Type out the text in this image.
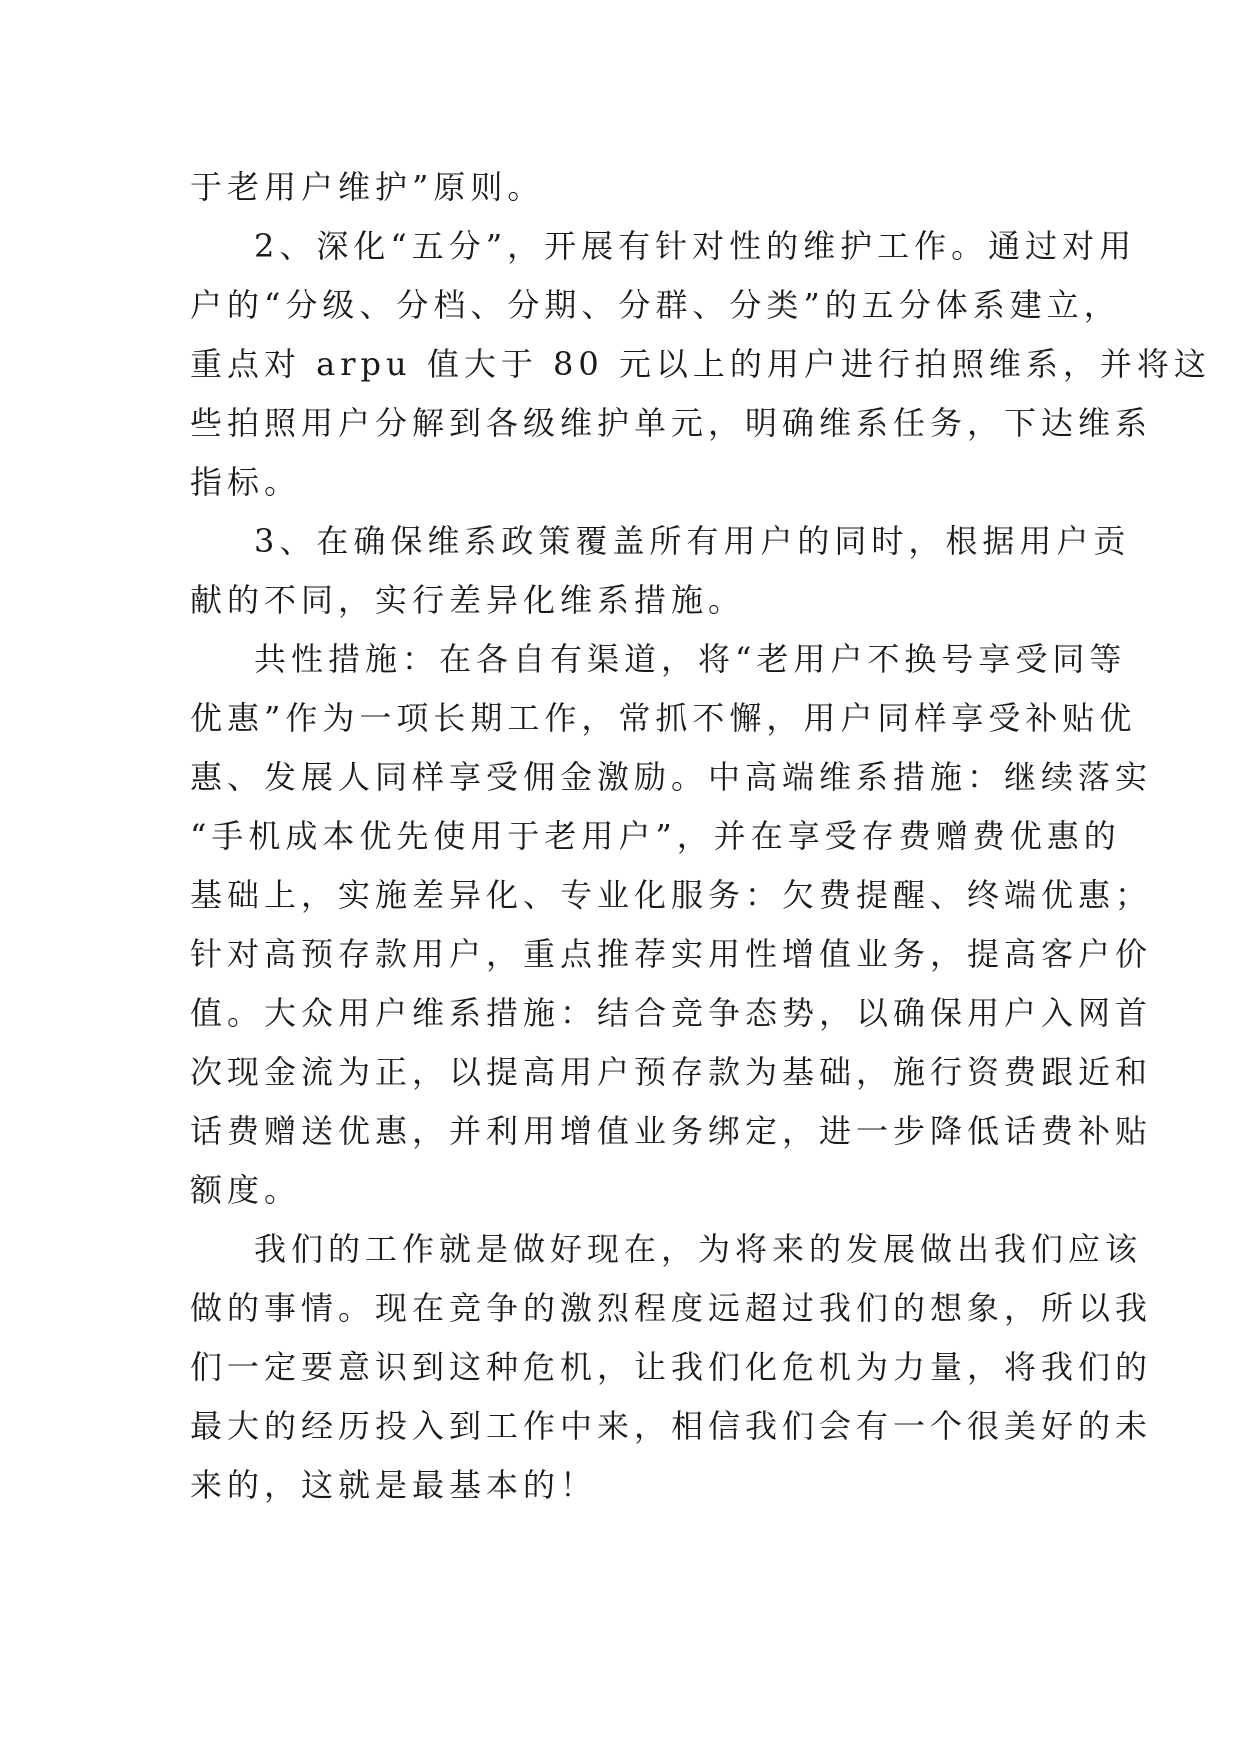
于老用户维护”原则。
2、深化“五分”，开展有针对性的维护工作。通过对用
户的“分级、分档、分期、分群、分类”的五分体系建立，
重点对 arpu 值大于 80 元以上的用户进行拍照维系，并将这
些拍照用户分解到各级维护单元，明确维系任务，下达维系
指标。
3、在确保维系政策覆盖所有用户的同时，根据用户贡
献的不同，实行差异化维系措施。
共性措施：在各自有渠道，将“老用户不换号享受同等
优惠”作为一项长期工作，常抓不懈，用户同样享受补贴优
惠、发展人同样享受佣金激励。中高端维系措施：继续落实
“手机成本优先使用于老用户”，并在享受存费赠费优惠的
基础上，实施差异化、专业化服务：欠费提醒、终端优惠；
针对高预存款用户，重点推荐实用性增值业务，提高客户价
值。大众用户维系措施：结合竞争态势，以确保用户入网首
次现金流为正，以提高用户预存款为基础，施行资费跟近和
话费赠送优惠，并利用增值业务绑定，进一步降低话费补贴
额度。
我们的工作就是做好现在，为将来的发展做出我们应该
做的事情。现在竞争的激烈程度远超过我们的想象，所以我
们一定要意识到这种危机，让我们化危机为力量，将我们的
最大的经历投入到工作中来，相信我们会有一个很美好的未
来的，这就是最基本的！
